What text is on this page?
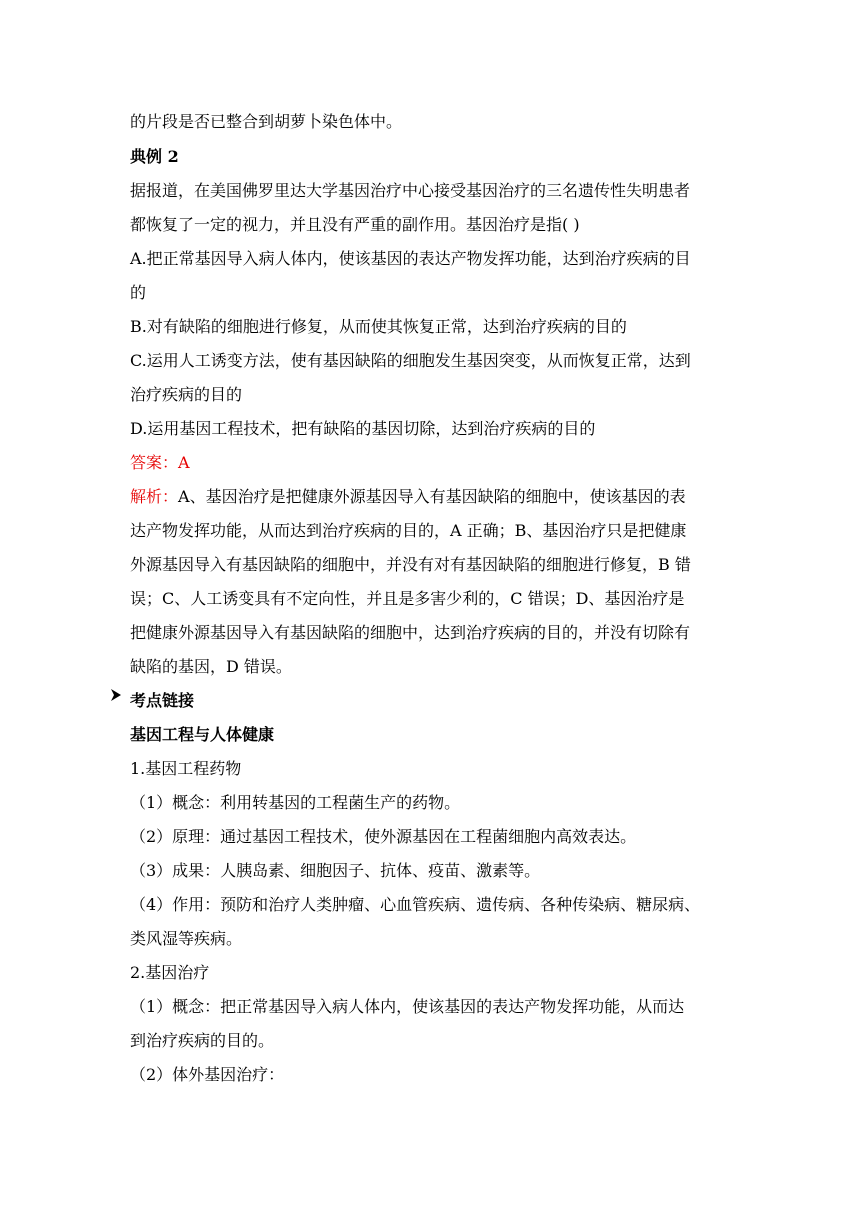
的片段是否已整合到胡萝卜染色体中。
典例 2
据报道，在美国佛罗里达大学基因治疗中心接受基因治疗的三名遗传性失明患者
都恢复了一定的视力，并且没有严重的副作用。基因治疗是指( )
A.把正常基因导入病人体内，使该基因的表达产物发挥功能，达到治疗疾病的目
的
B.对有缺陷的细胞进行修复，从而使其恢复正常，达到治疗疾病的目的
C.运用人工诱变方法，使有基因缺陷的细胞发生基因突变，从而恢复正常，达到
治疗疾病的目的
D.运用基因工程技术，把有缺陷的基因切除，达到治疗疾病的目的
答案：A
解析：A、基因治疗是把健康外源基因导入有基因缺陷的细胞中，使该基因的表
达产物发挥功能，从而达到治疗疾病的目的，A 正确；B、基因治疗只是把健康
外源基因导入有基因缺陷的细胞中，并没有对有基因缺陷的细胞进行修复，B 错
误；C、人工诱变具有不定向性，并且是多害少利的，C 错误；D、基因治疗是
把健康外源基因导入有基因缺陷的细胞中，达到治疗疾病的目的，并没有切除有
缺陷的基因，D 错误。
考点链接
基因工程与人体健康
1.基因工程药物
（1）概念：利用转基因的工程菌生产的药物。
（2）原理：通过基因工程技术，使外源基因在工程菌细胞内高效表达。
（3）成果：人胰岛素、细胞因子、抗体、疫苗、激素等。
（4）作用：预防和治疗人类肿瘤、心血管疾病、遗传病、各种传染病、糖尿病、
类风湿等疾病。
2.基因治疗
（1）概念：把正常基因导入病人体内，使该基因的表达产物发挥功能，从而达
到治疗疾病的目的。
（2）体外基因治疗：
